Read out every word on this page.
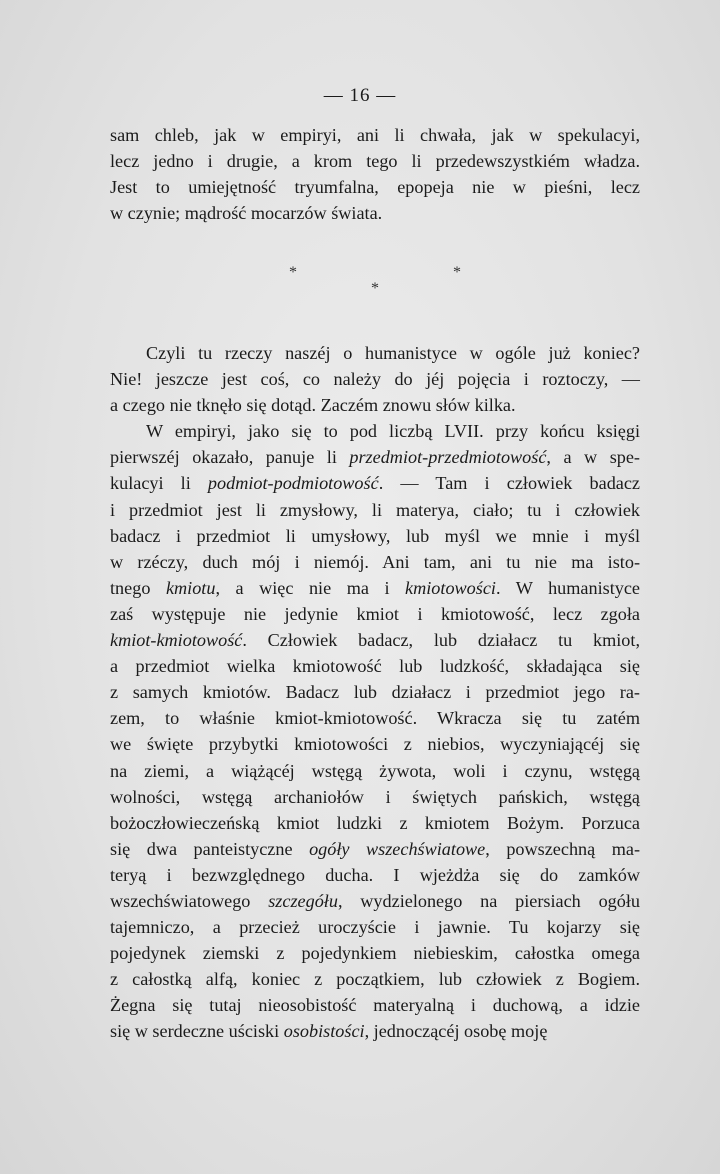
— 16 —
sam chleb, jak w empiryi, ani li chwała, jak w spekulacyi,
lecz jedno i drugie, a krom tego li przedewszystkiém władza.
Jest to umiejętność tryumfalna, epopeja nie w pieśni, lecz
w czynie; mądrość mocarzów świata.
*	*
*
Czyli tu rzeczy naszéj o humanistyce w ogóle już koniec?
Nie! jeszcze jest coś, co należy do jéj pojęcia i roztoczy, —
a czego nie tknęło się dotąd. Zaczém znowu słów kilka.
W empiryi, jako się to pod liczbą LVII. przy końcu księgi
pierwszéj okazało, panuje li przedmiot-przedmiotowość, a w spe-
kulacyi li podmiot-podmiotowość. — Tam i człowiek badacz
i przedmiot jest li zmysłowy, li materya, ciało; tu i człowiek
badacz i przedmiot li umysłowy, lub myśl we mnie i myśl
w rzéczy, duch mój i niemój. Ani tam, ani tu nie ma isto-
tnego kmiotu, a więc nie ma i kmiotowości. W humanistyce
zaś występuje nie jedynie kmiot i kmiotowość, lecz zgoła
kmiot-kmiotowość. Człowiek badacz, lub działacz tu kmiot,
a przedmiot wielka kmiotowość lub ludzkość, składająca się
z samych kmiotów. Badacz lub działacz i przedmiot jego ra-
zem, to właśnie kmiot-kmiotowość. Wkracza się tu zatém
we święte przybytki kmiotowości z niebios, wyczyniającéj się
na ziemi, a wiążącéj wstęgą żywota, woli i czynu, wstęgą
wolności, wstęgą archaniołów i świętych pańskich, wstęgą
bożoczłowieczeńską kmiot ludzki z kmiotem Bożym. Porzuca
się dwa panteistyczne ogóły wszechświatowe, powszechną ma-
teryą i bezwzględnego ducha. I wjeżdża się do zamków
wszechświatowego szczegółu, wydzielonego na piersiach ogółu
tajemniczo, a przecież uroczyście i jawnie. Tu kojarzy się
pojedynek ziemski z pojedynkiem niebieskim, całostka omega
z całostką alfą, koniec z początkiem, lub człowiek z Bogiem.
Żegna się tutaj nieosobistość materyalną i duchową, a idzie
się w serdeczne uściski osobistości, jednoczącéj osobę moję
